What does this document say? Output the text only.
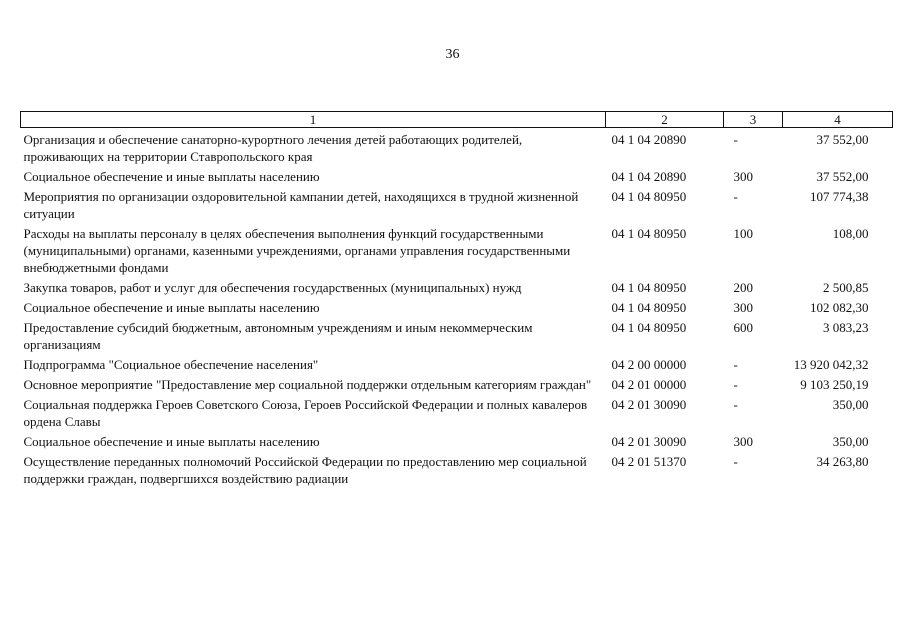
36
1	2	3	4

Организация и обеспечение санаторно-курортного лечения детей работающих родителей, проживающих на территории Ставропольского края	04 1 04 20890	-	37 552,00
Социальное обеспечение и иные выплаты населению	04 1 04 20890	300	37 552,00
Мероприятия по организации оздоровительной кампании детей, находящихся в трудной жизненной ситуации	04 1 04 80950	-	107 774,38
Расходы на выплаты персоналу в целях обеспечения выполнения функций государственными (муниципальными) органами, казенными учреждениями, органами управления государственными внебюджетными фондами	04 1 04 80950	100	108,00
Закупка товаров, работ и услуг для обеспечения государственных (муниципальных) нужд	04 1 04 80950	200	2 500,85
Социальное обеспечение и иные выплаты населению	04 1 04 80950	300	102 082,30
Предоставление субсидий бюджетным, автономным учреждениям и иным некоммерческим организациям	04 1 04 80950	600	3 083,23
Подпрограмма "Социальное обеспечение населения"	04 2 00 00000	-	13 920 042,32
Основное мероприятие "Предоставление мер социальной поддержки отдельным категориям граждан"	04 2 01 00000	-	9 103 250,19
Социальная поддержка Героев Советского Союза, Героев Российской Федерации и полных кавалеров ордена Славы	04 2 01 30090	-	350,00
Социальное обеспечение и иные выплаты населению	04 2 01 30090	300	350,00
Осуществление переданных полномочий Российской Федерации по предоставлению мер социальной поддержки граждан, подвергшихся воздействию радиации	04 2 01 51370	-	34 263,80
